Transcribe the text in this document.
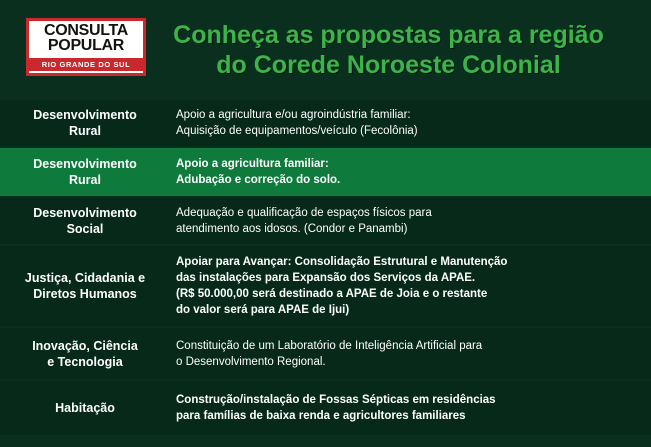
CONSULTA
POPULAR
RIO GRANDE DO SUL
Conheça as propostas para a região
do Corede Noroeste Colonial
Desenvolvimento
Rural
Apoio a agricultura e/ou agroindústria familiar:
Aquisição de equipamentos/veículo (Fecolônia)
Desenvolvimento
Rural
Apoio a agricultura familiar:
Adubação e correção do solo.
Desenvolvimento
Social
Adequação e qualificação de espaços físicos para
atendimento aos idosos. (Condor e Panambi)
Justiça, Cidadania e
Diretos Humanos
Apoiar para Avançar: Consolidação Estrutural e Manutenção
das instalações para Expansão dos Serviços da APAE.
(R$ 50.000,00 será destinado a APAE de Joia e o restante
do valor será para APAE de Ijui)
Inovação, Ciência
e Tecnologia
Constituição de um Laboratório de Inteligência Artificial para
o Desenvolvimento Regional.
Habitação
Construção/instalação de Fossas Sépticas em residências
para famílias de baixa renda e agricultores familiares
